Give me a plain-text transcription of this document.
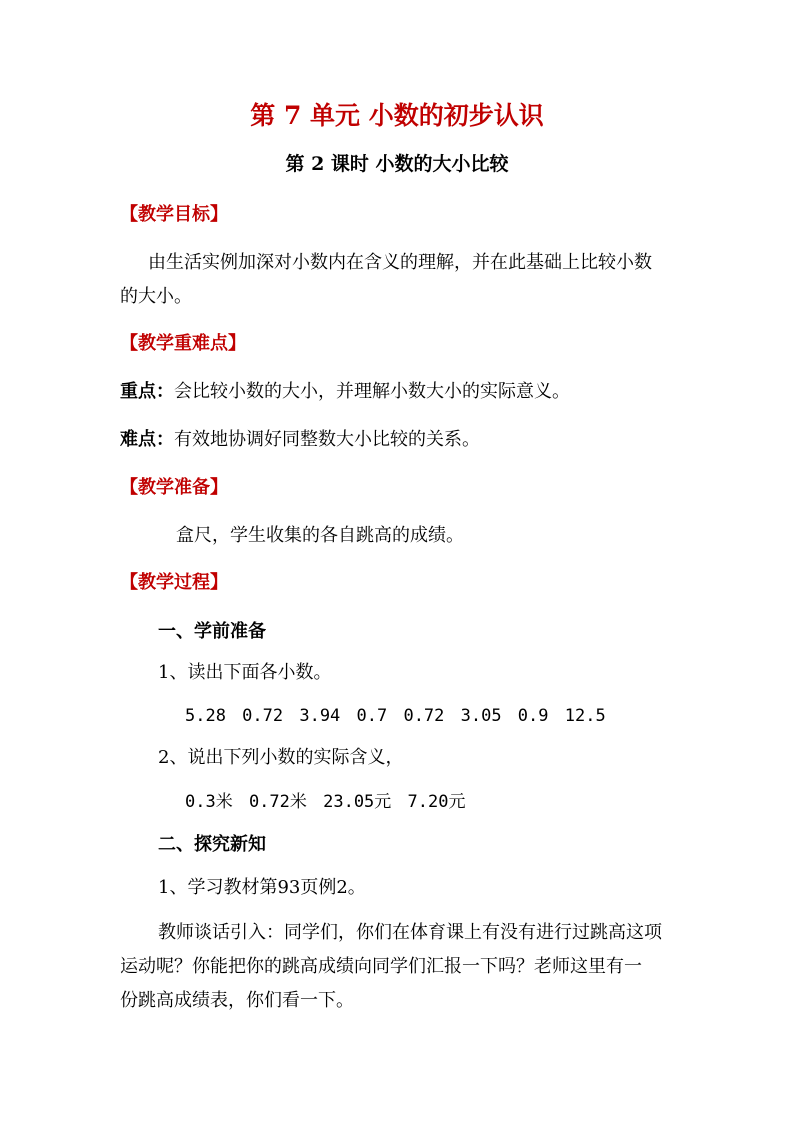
第 7 单元 小数的初步认识
第 2 课时 小数的大小比较
【教学目标】
由生活实例加深对小数内在含义的理解，并在此基础上比较小数
的大小。
【教学重难点】
重点：会比较小数的大小，并理解小数大小的实际意义。
难点：有效地协调好同整数大小比较的关系。
【教学准备】
盒尺，学生收集的各自跳高的成绩。
【教学过程】
一、学前准备
1、读出下面各小数。
5.28 0.72 3.94 0.7 0.72 3.05 0.9 12.5
2、说出下列小数的实际含义，
0.3米 0.72米 23.05元 7.20元
二、探究新知
1、学习教材第93页例2。
教师谈话引入：同学们，你们在体育课上有没有进行过跳高这项
运动呢？你能把你的跳高成绩向同学们汇报一下吗？老师这里有一
份跳高成绩表，你们看一下。
